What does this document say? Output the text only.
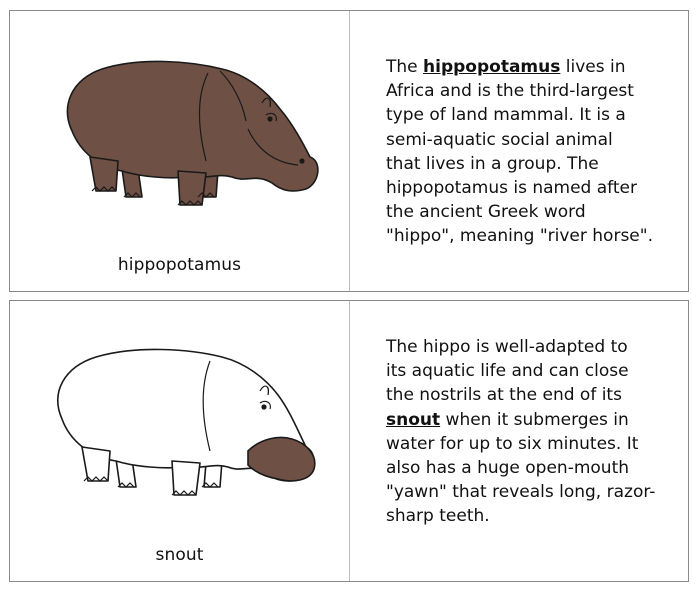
hippopotamus
The hippopotamus lives in
Africa and is the third-largest
type of land mammal. It is a
semi-aquatic social animal
that lives in a group. The
hippopotamus is named after
the ancient Greek word
"hippo", meaning "river horse".
snout
The hippo is well-adapted to
its aquatic life and can close
the nostrils at the end of its
snout when it submerges in
water for up to six minutes. It
also has a huge open-mouth
"yawn" that reveals long, razor-
sharp teeth.
